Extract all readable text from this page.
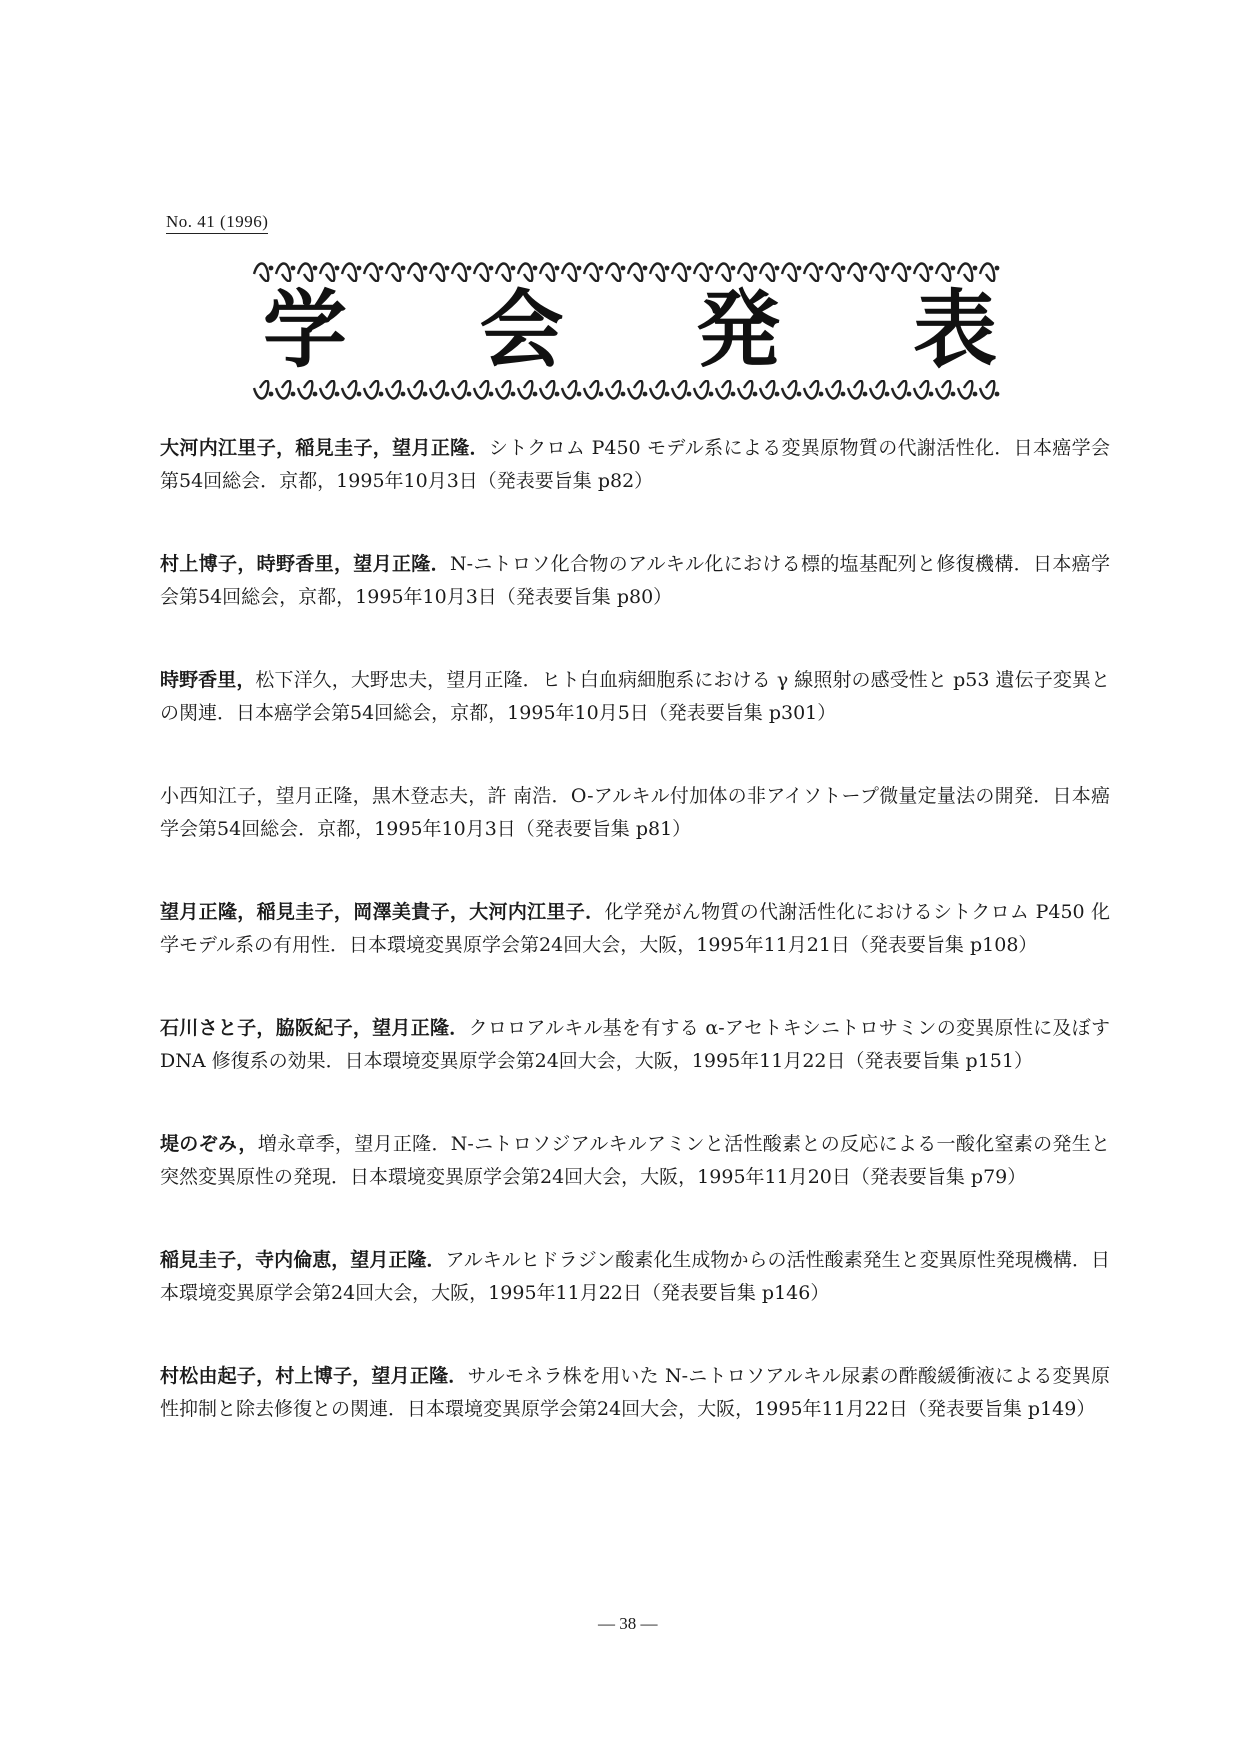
No. 41 (1996)
学 会 発 表

大河内江里子，稲見圭子，望月正隆．シトクロム P450 モデル系による変異原物質の代謝活性化．日本癌学会第54回総会．京都，1995年10月3日（発表要旨集 p82）

村上博子，時野香里，望月正隆．N-ニトロソ化合物のアルキル化における標的塩基配列と修復機構．日本癌学会第54回総会，京都，1995年10月3日（発表要旨集 p80）

時野香里，松下洋久，大野忠夫，望月正隆．ヒト白血病細胞系における γ 線照射の感受性と p53 遺伝子変異との関連．日本癌学会第54回総会，京都，1995年10月5日（発表要旨集 p301）

小西知江子，望月正隆，黒木登志夫，許 南浩．O-アルキル付加体の非アイソトープ微量定量法の開発．日本癌学会第54回総会．京都，1995年10月3日（発表要旨集 p81）

望月正隆，稲見圭子，岡澤美貴子，大河内江里子．化学発がん物質の代謝活性化におけるシトクロム P450 化学モデル系の有用性．日本環境変異原学会第24回大会，大阪，1995年11月21日（発表要旨集 p108）

石川さと子，脇阪紀子，望月正隆．クロロアルキル基を有する α-アセトキシニトロサミンの変異原性に及ぼす DNA 修復系の効果．日本環境変異原学会第24回大会，大阪，1995年11月22日（発表要旨集 p151）

堤のぞみ，増永章季，望月正隆．N-ニトロソジアルキルアミンと活性酸素との反応による一酸化窒素の発生と突然変異原性の発現．日本環境変異原学会第24回大会，大阪，1995年11月20日（発表要旨集 p79）

稲見圭子，寺内倫恵，望月正隆．アルキルヒドラジン酸素化生成物からの活性酸素発生と変異原性発現機構．日本環境変異原学会第24回大会，大阪，1995年11月22日（発表要旨集 p146）

村松由起子，村上博子，望月正隆．サルモネラ株を用いた N-ニトロソアルキル尿素の酢酸緩衝液による変異原性抑制と除去修復との関連．日本環境変異原学会第24回大会，大阪，1995年11月22日（発表要旨集 p149）

— 38 —
